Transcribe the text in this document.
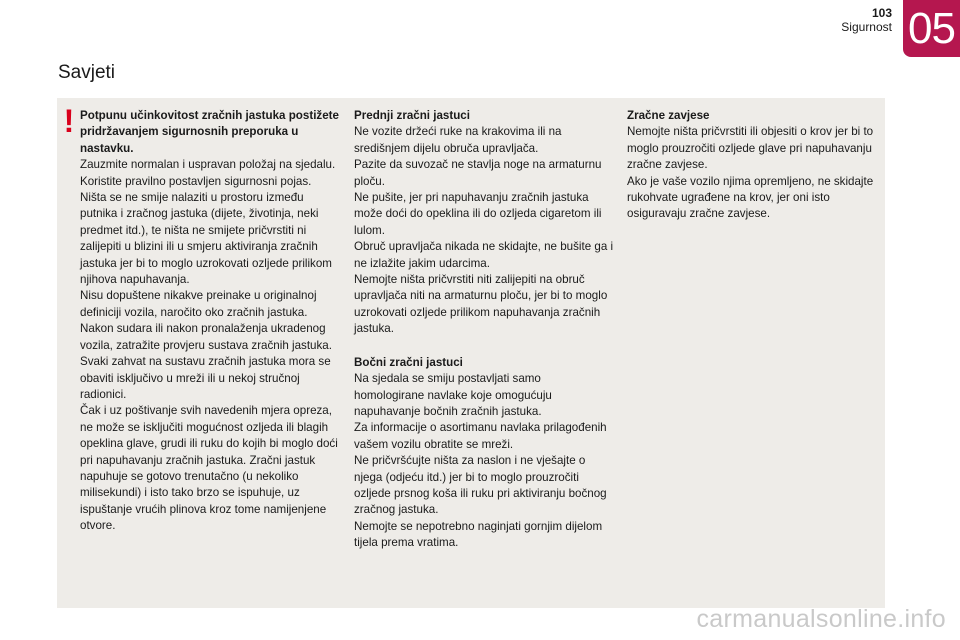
103
Sigurnost 05
Savjeti
! Potpunu učinkovitost zračnih jastuka postižete pridržavanjem sigurnosnih preporuka u nastavku.

Zauzmite normalan i uspravan položaj na sjedalu.

Koristite pravilno postavljen sigurnosni pojas.

Ništa se ne smije nalaziti u prostoru između putnika i zračnog jastuka (dijete, životinja, neki predmet itd.), te ništa ne smijete pričvrstiti ni zalijepiti u blizini ili u smjeru aktiviranja zračnih jastuka jer bi to moglo uzrokovati ozljede prilikom njihova napuhavanja.

Nisu dopuštene nikakve preinake u originalnoj definiciji vozila, naročito oko zračnih jastuka.

Nakon sudara ili nakon pronalaženja ukradenog vozila, zatražite provjeru sustava zračnih jastuka.

Svaki zahvat na sustavu zračnih jastuka mora se obaviti isključivo u mreži ili u nekoj stručnoj radionici.

Čak i uz poštivanje svih navedenih mjera opreza, ne može se isključiti mogućnost ozljeda ili blagih opeklina glave, grudi ili ruku do kojih bi moglo doći pri napuhavanju zračnih jastuka. Zračni jastuk napuhuje se gotovo trenutačno (u nekoliko milisekundi) i isto tako brzo se ispuhuje, uz ispuštanje vrućih plinova kroz tome namijenjene otvore.

Prednji zračni jastuci

Ne vozite držeći ruke na krakovima ili na središnjem dijelu obruča upravljača.

Pazite da suvozač ne stavlja noge na armaturnu ploču.

Ne pušite, jer pri napuhavanju zračnih jastuka može doći do opeklina ili do ozljeda cigaretom ili lulom.

Obruč upravljača nikada ne skidajte, ne bušite ga i ne izlažite jakim udarcima.

Nemojte ništa pričvrstiti niti zalijepiti na obruč upravljača niti na armaturnu ploču, jer bi to moglo uzrokovati ozljede prilikom napuhavanja zračnih jastuka.

Bočni zračni jastuci

Na sjedala se smiju postavljati samo homologirane navlake koje omogućuju napuhavanje bočnih zračnih jastuka.

Za informacije o asortimanu navlaka prilagođenih vašem vozilu obratite se mreži.

Ne pričvršćujte ništa za naslon i ne vješajte o njega (odjeću itd.) jer bi to moglo prouzročiti ozljede prsnog koša ili ruku pri aktiviranju bočnog zračnog jastuka.

Nemojte se nepotrebno naginjati gornjim dijelom tijela prema vratima.

Zračne zavjese

Nemojte ništa pričvrstiti ili objesiti o krov jer bi to moglo prouzročiti ozljede glave pri napuhavanju zračne zavjese.

Ako je vaše vozilo njima opremljeno, ne skidajte rukohvate ugrađene na krov, jer oni isto osiguravaju zračne zavjese.

carmanualsonline.info
